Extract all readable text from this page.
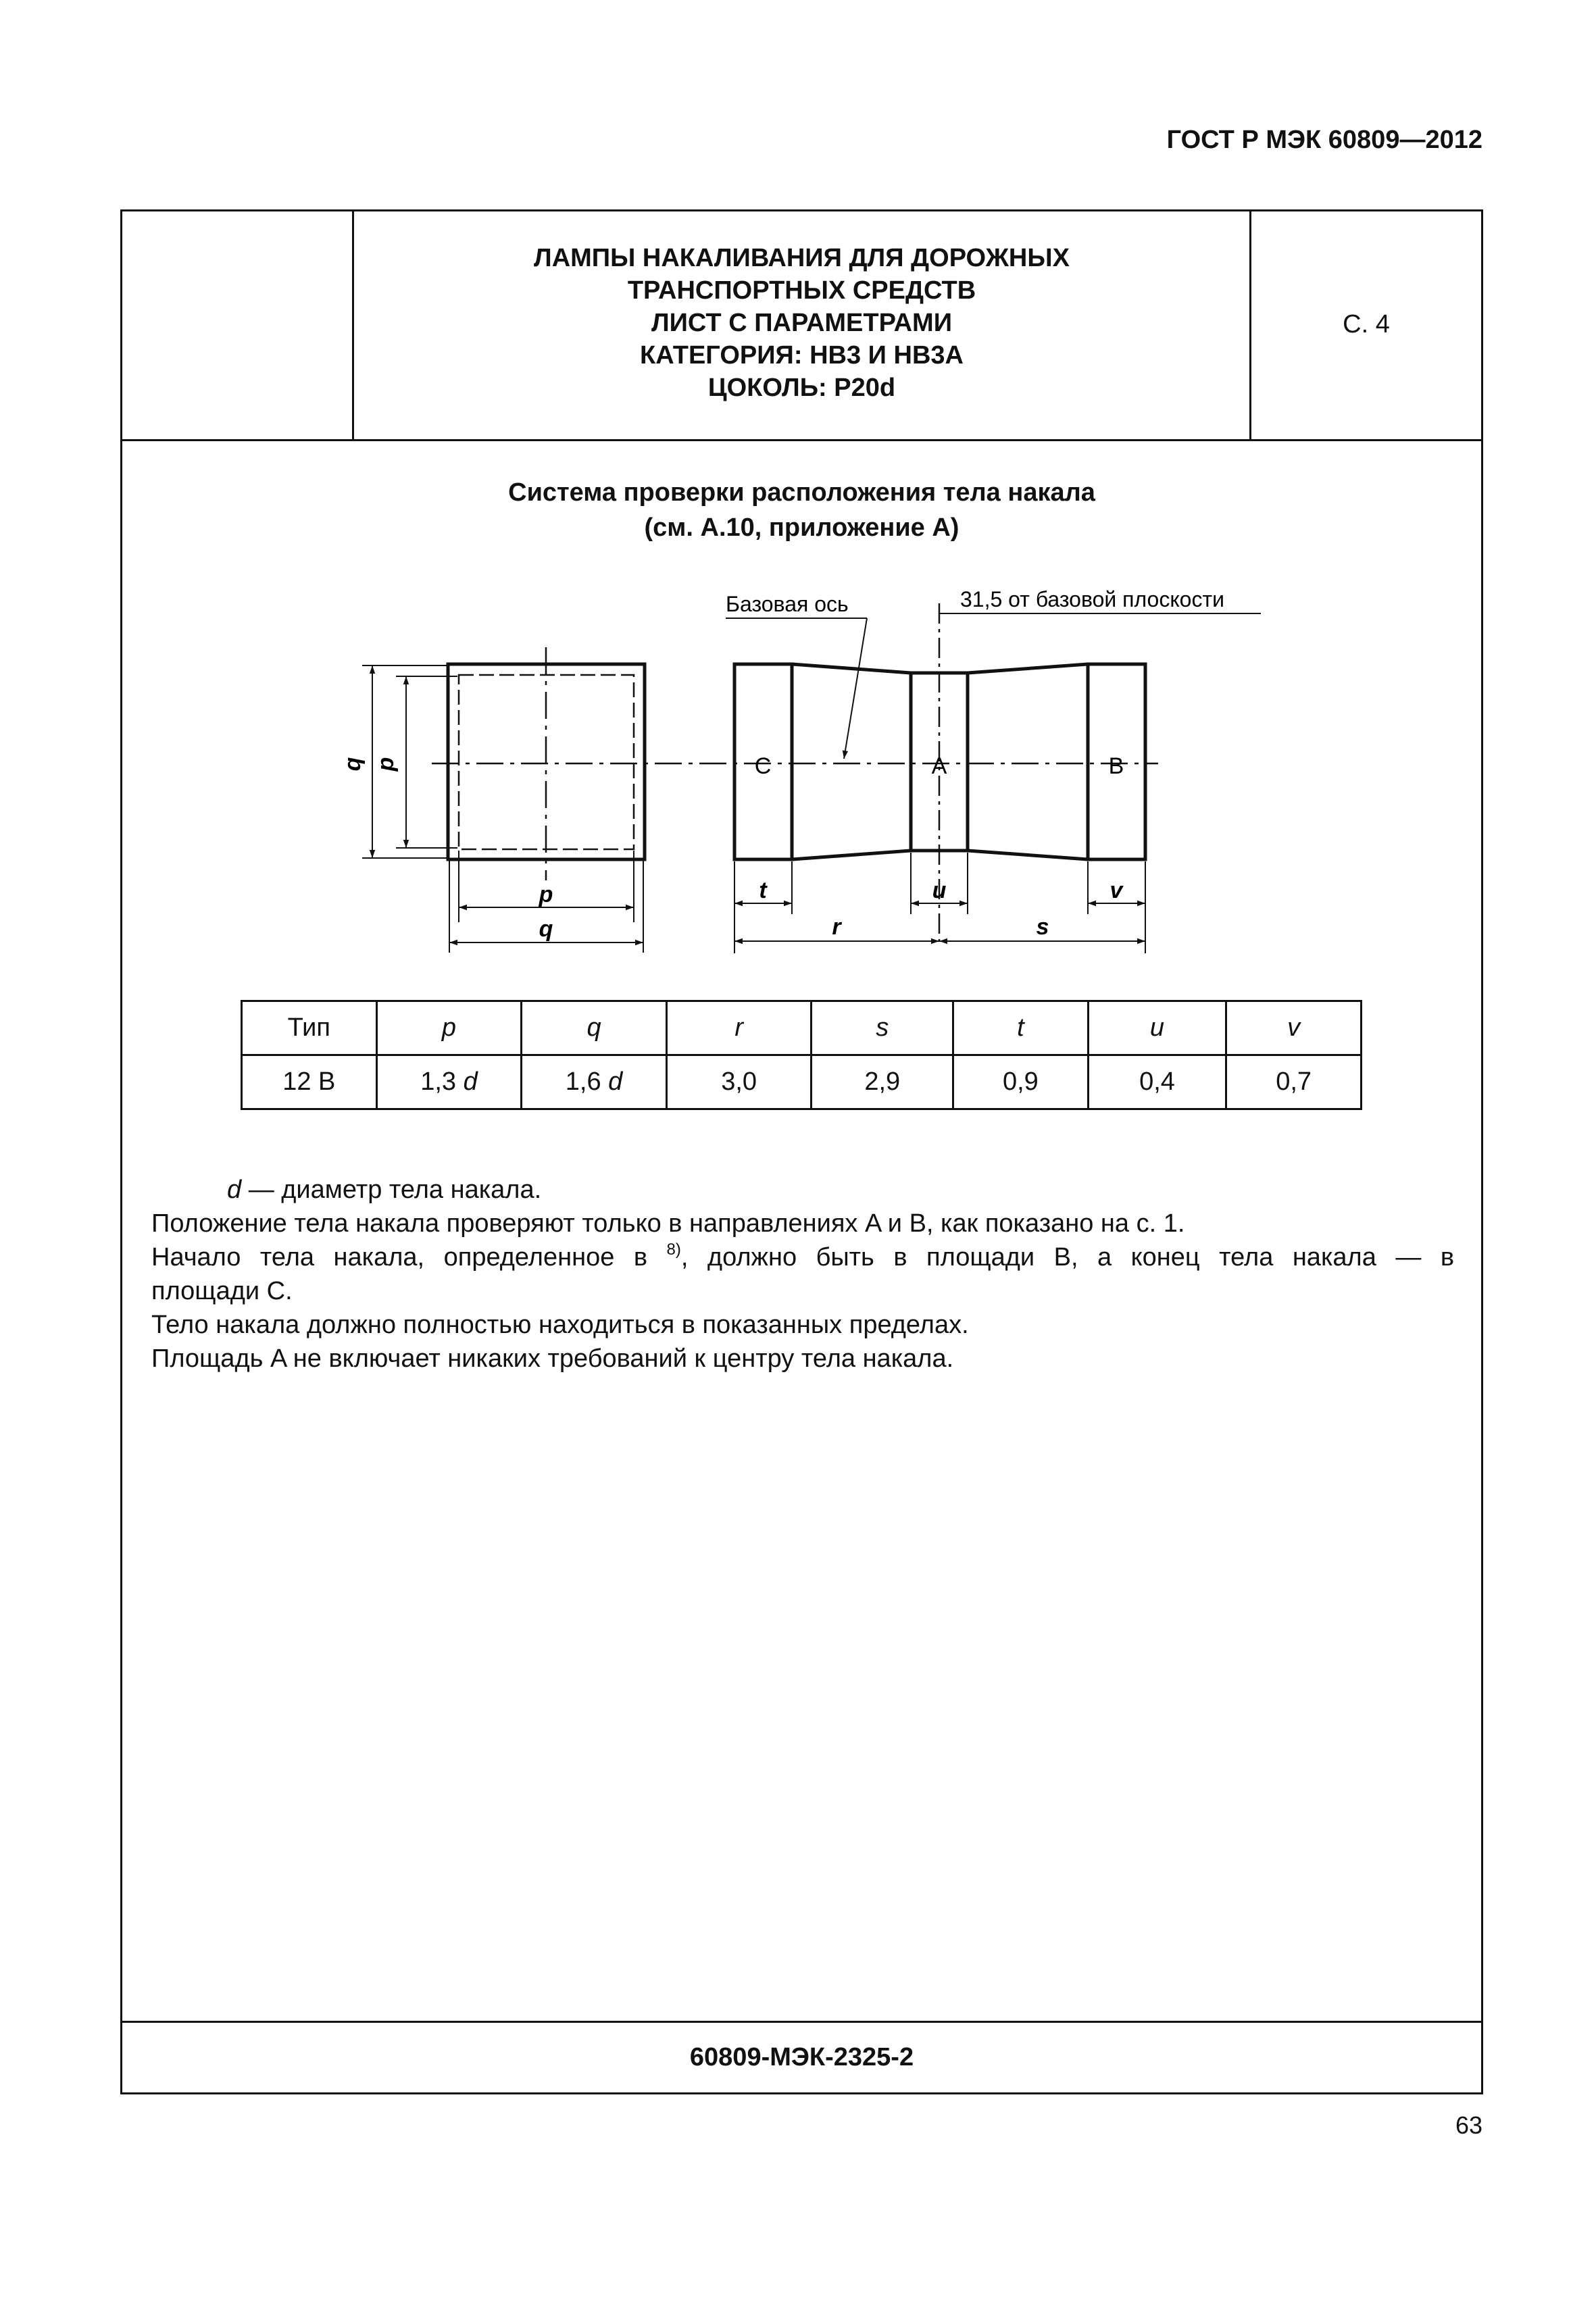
ГОСТ Р МЭК 60809—2012
ЛАМПЫ НАКАЛИВАНИЯ ДЛЯ ДОРОЖНЫХ
ТРАНСПОРТНЫХ СРЕДСТВ
ЛИСТ С ПАРАМЕТРАМИ
КАТЕГОРИЯ: НВ3 И НВ3А
ЦОКОЛЬ: P20d
С. 4
Система проверки расположения тела накала
(см. А.10, приложение А)
q p
p
q
C	A	B
Базовая ось	31,5 от базовой плоскости
t	u	v
r	s
Тип	p	q	r	s	t	u	v
12 В	1,3 d	1,6 d	3,0	2,9	0,9	0,4	0,7

d — диаметр тела накала.

Положение тела накала проверяют только в направлениях A и B, как показано на с. 1.

Начало тела накала, определенное в $^{8)}$, должно быть в площади B, а конец тела накала — в

площади C.

Тело накала должно полностью находиться в показанных пределах.

Площадь A не включает никаких требований к центру тела накала.

60809-МЭК-2325-2
63
